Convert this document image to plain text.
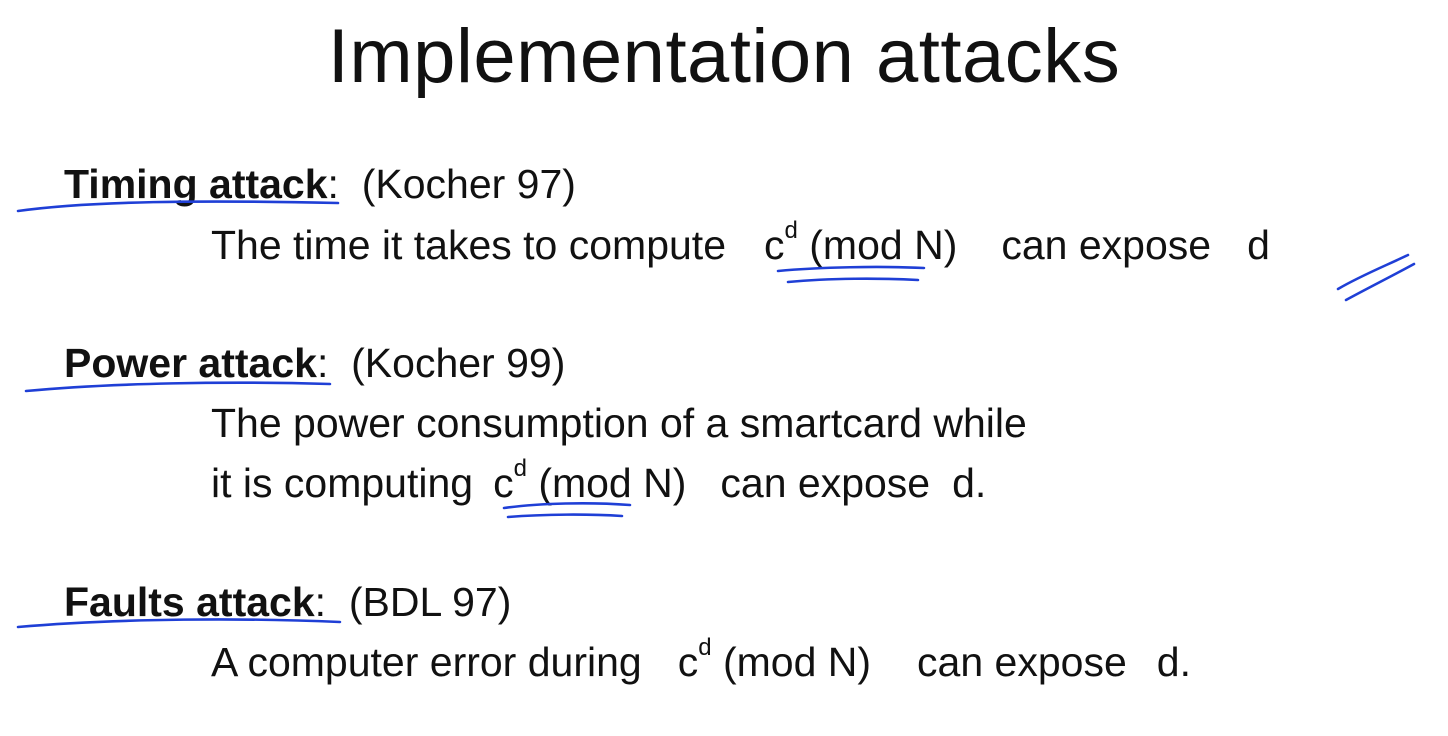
Implementation attacks
Timing attack:  (Kocher 97)
The time it takes to compute $c^d$ (mod N) can expose d
Power attack:  (Kocher 99)
The power consumption of a smartcard while
it is computing $c^d$ (mod N) can expose d.
Faults attack:  (BDL 97)
A computer error during $c^d$ (mod N) can expose d.
